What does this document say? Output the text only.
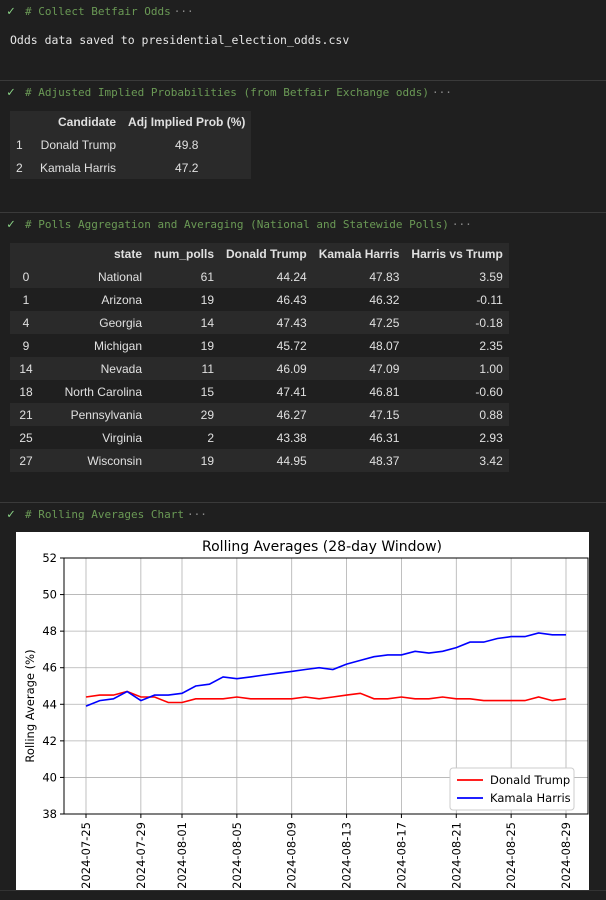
✓ # Collect Betfair Odds ···
Odds data saved to presidential_election_odds.csv
✓ # Adjusted Implied Probabilities (from Betfair Exchange odds) ···
	Candidate	Adj Implied Prob (%)
1	Donald Trump	49.8
2	Kamala Harris	47.2
✓ # Polls Aggregation and Averaging (National and Statewide Polls) ···
	state	num_polls	Donald Trump	Kamala Harris	Harris vs Trump
0	National	61	44.24	47.83	3.59
1	Arizona	19	46.43	46.32	-0.11
4	Georgia	14	47.43	47.25	-0.18
9	Michigan	19	45.72	48.07	2.35
14	Nevada	11	46.09	47.09	1.00
18	North Carolina	15	47.41	46.81	-0.60
21	Pennsylvania	29	46.27	47.15	0.88
25	Virginia	2	43.38	46.31	2.93
27	Wisconsin	19	44.95	48.37	3.42
✓ # Rolling Averages Chart ···
Rolling Averages (28-day Window)
Rolling Average (%)
38
40
42
44
46
48
50
52
2024-07-25	2024-07-29 2024-08-01	2024-08-05	2024-08-09	2024-08-13	2024-08-17	2024-08-21	2024-08-25	2024-08-29
Donald Trump
Kamala Harris
